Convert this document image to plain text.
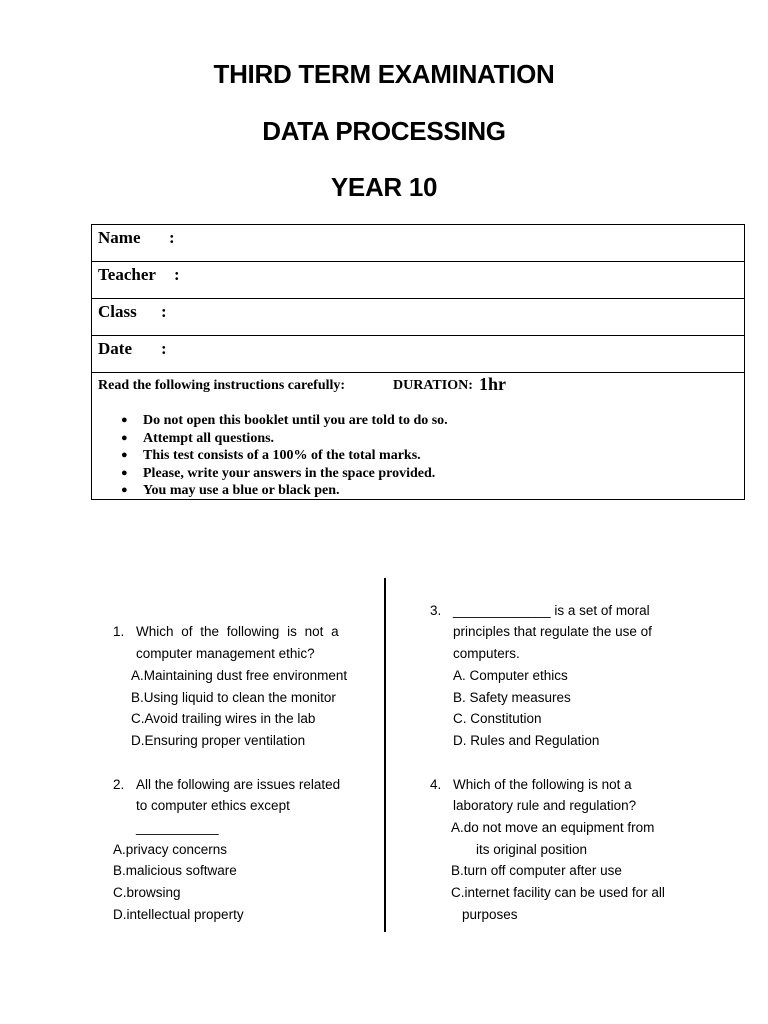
THIRD TERM EXAMINATION
DATA PROCESSING
YEAR 10
Name :
Teacher :
Class :
Date :
Read the following instructions carefully:	DURATION: 1hr
● Do not open this booklet until you are told to do so.
● Attempt all questions.
● This test consists of a 100% of the total marks.
● Please, write your answers in the space provided.
● You may use a blue or black pen.
1. Which of the following is not a
computer management ethic?
A.Maintaining dust free environment
B.Using liquid to clean the monitor
C.Avoid trailing wires in the lab
D.Ensuring proper ventilation
2. All the following are issues related
to computer ethics except
___________
A.privacy concerns
B.malicious software
C.browsing
D.intellectual property
3. _____________ is a set of moral
principles that regulate the use of
computers.
A. Computer ethics
B. Safety measures
C. Constitution
D. Rules and Regulation
4. Which of the following is not a
laboratory rule and regulation?
A.do not move an equipment from
its original position
B.turn off computer after use
C.internet facility can be used for all
purposes
